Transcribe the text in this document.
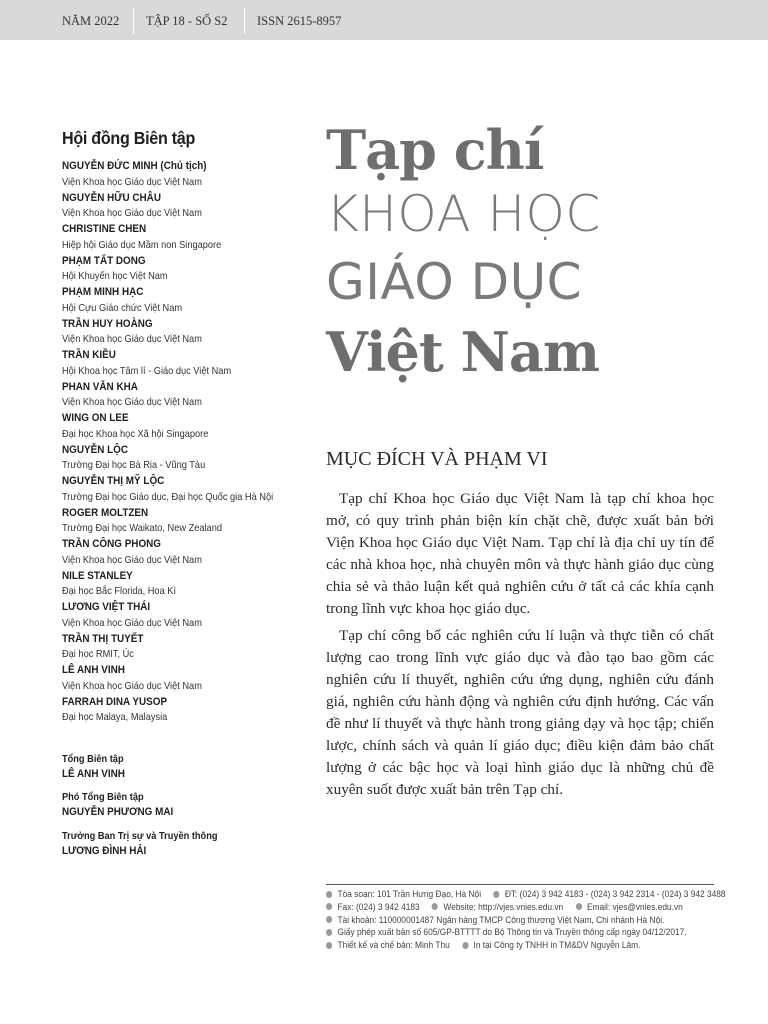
NĂM 2022 TẬP 18 - SỐ S2 ISSN 2615-8957
Hội đồng Biên tập
NGUYỄN ĐỨC MINH (Chủ tịch)
Viện Khoa học Giáo dục Việt Nam
NGUYỄN HỮU CHÂU
Viện Khoa học Giáo dục Việt Nam
CHRISTINE CHEN
Hiệp hội Giáo dục Mầm non Singapore
PHẠM TẤT DONG
Hội Khuyến học Việt Nam
PHẠM MINH HẠC
Hội Cựu Giáo chức Việt Nam
TRẦN HUY HOÀNG
Viện Khoa học Giáo dục Việt Nam
TRẦN KIỀU
Hội Khoa học Tâm lí - Giáo dục Việt Nam
PHAN VĂN KHA
Viện Khoa học Giáo dục Việt Nam
WING ON LEE
Đại học Khoa học Xã hội Singapore
NGUYỄN LỘC
Trường Đại học Bà Rịa - Vũng Tàu
NGUYỄN THỊ MỸ LỘC
Trường Đại học Giáo dục, Đại học Quốc gia Hà Nội
ROGER MOLTZEN
Trường Đại học Waikato, New Zealand
TRẦN CÔNG PHONG
Viện Khoa học Giáo dục Việt Nam
NILE STANLEY
Đại học Bắc Florida, Hoa Kì
LƯƠNG VIỆT THÁI
Viện Khoa học Giáo dục Việt Nam
TRẦN THỊ TUYẾT
Đại học RMIT, Úc
LÊ ANH VINH
Viện Khoa học Giáo dục Việt Nam
FARRAH DINA YUSOP
Đại học Malaya, Malaysia
Tổng Biên tập
LÊ ANH VINH
Phó Tổng Biên tập
NGUYỄN PHƯƠNG MAI
Trưởng Ban Trị sự và Truyền thông
LƯƠNG ĐÌNH HẢI
Tạp chí
KHOA HỌC
GIÁO DỤC
Việt Nam
MỤC ĐÍCH VÀ PHẠM VI

Tạp chí Khoa học Giáo dục Việt Nam là tạp chí khoa học mở, có quy trình phản biện kín chặt chẽ, được xuất bản bởi Viện Khoa học Giáo dục Việt Nam. Tạp chí là địa chỉ uy tín để các nhà khoa học, nhà chuyên môn và thực hành giáo dục cùng chia sẻ và thảo luận kết quả nghiên cứu ở tất cả các khía cạnh trong lĩnh vực khoa học giáo dục.

Tạp chí công bố các nghiên cứu lí luận và thực tiễn có chất lượng cao trong lĩnh vực giáo dục và đào tạo bao gồm các nghiên cứu lí thuyết, nghiên cứu ứng dụng, nghiên cứu đánh giá, nghiên cứu hành động và nghiên cứu định hướng. Các vấn đề như lí thuyết và thực hành trong giảng dạy và học tập; chiến lược, chính sách và quản lí giáo dục; điều kiện đảm bảo chất lượng ở các bậc học và loại hình giáo dục là những chủ đề xuyên suốt được xuất bản trên Tạp chí.

Tòa soạn: 101 Trần Hưng Đạo, Hà Nội	ĐT: (024) 3 942 4183 - (024) 3 942 2314 - (024) 3 942 3488
Fax: (024) 3 942 4183	Website: http://vjes.vnies.edu.vn	Email: vjes@vnies.edu.vn
Tài khoản: 110000001487 Ngân hàng TMCP Công thương Việt Nam, Chi nhánh Hà Nội.
Giấy phép xuất bản số 605/GP-BTTTT do Bộ Thông tin và Truyền thông cấp ngày 04/12/2017.
Thiết kế và chế bản: Minh Thu	In tại Công ty TNHH in TM&DV Nguyễn Lâm.
